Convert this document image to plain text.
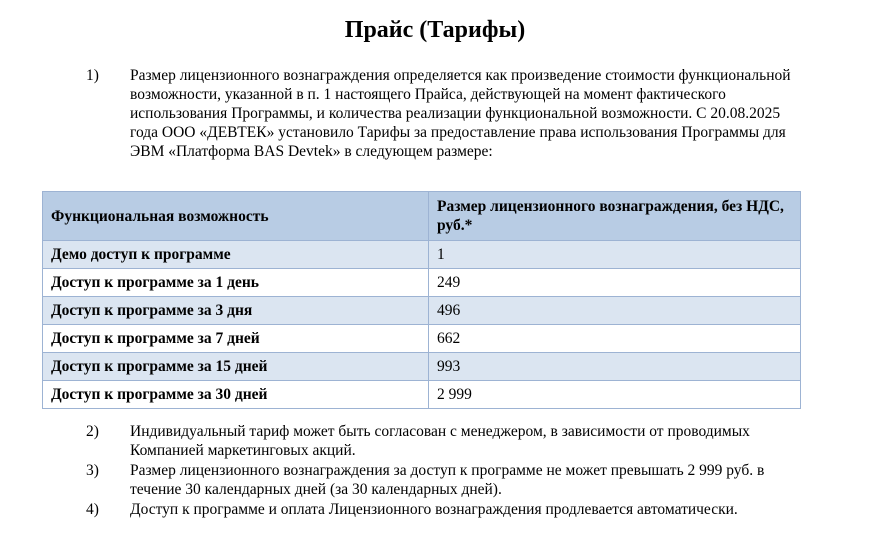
Прайс (Тарифы)
1) Размер лицензионного вознаграждения определяется как произведение стоимости функциональной возможности, указанной в п. 1 настоящего Прайса, действующей на момент фактического использования Программы, и количества реализации функциональной возможности. С 20.08.2025 года ООО «ДЕВТЕК» установило Тарифы за предоставление права использования Программы для ЭВМ «Платформа BAS Devtek» в следующем размере:
Функциональная возможность	Размер лицензионного вознаграждения, без НДС, руб.*
Демо доступ к программе	1
Доступ к программе за 1 день	249
Доступ к программе за 3 дня	496
Доступ к программе за 7 дней	662
Доступ к программе за 15 дней	993
Доступ к программе за 30 дней	2 999
2) Индивидуальный тариф может быть согласован с менеджером, в зависимости от проводимых Компанией маркетинговых акций.
3) Размер лицензионного вознаграждения за доступ к программе не может превышать 2 999 руб. в течение 30 календарных дней (за 30 календарных дней).
4) Доступ к программе и оплата Лицензионного вознаграждения продлевается автоматически.
